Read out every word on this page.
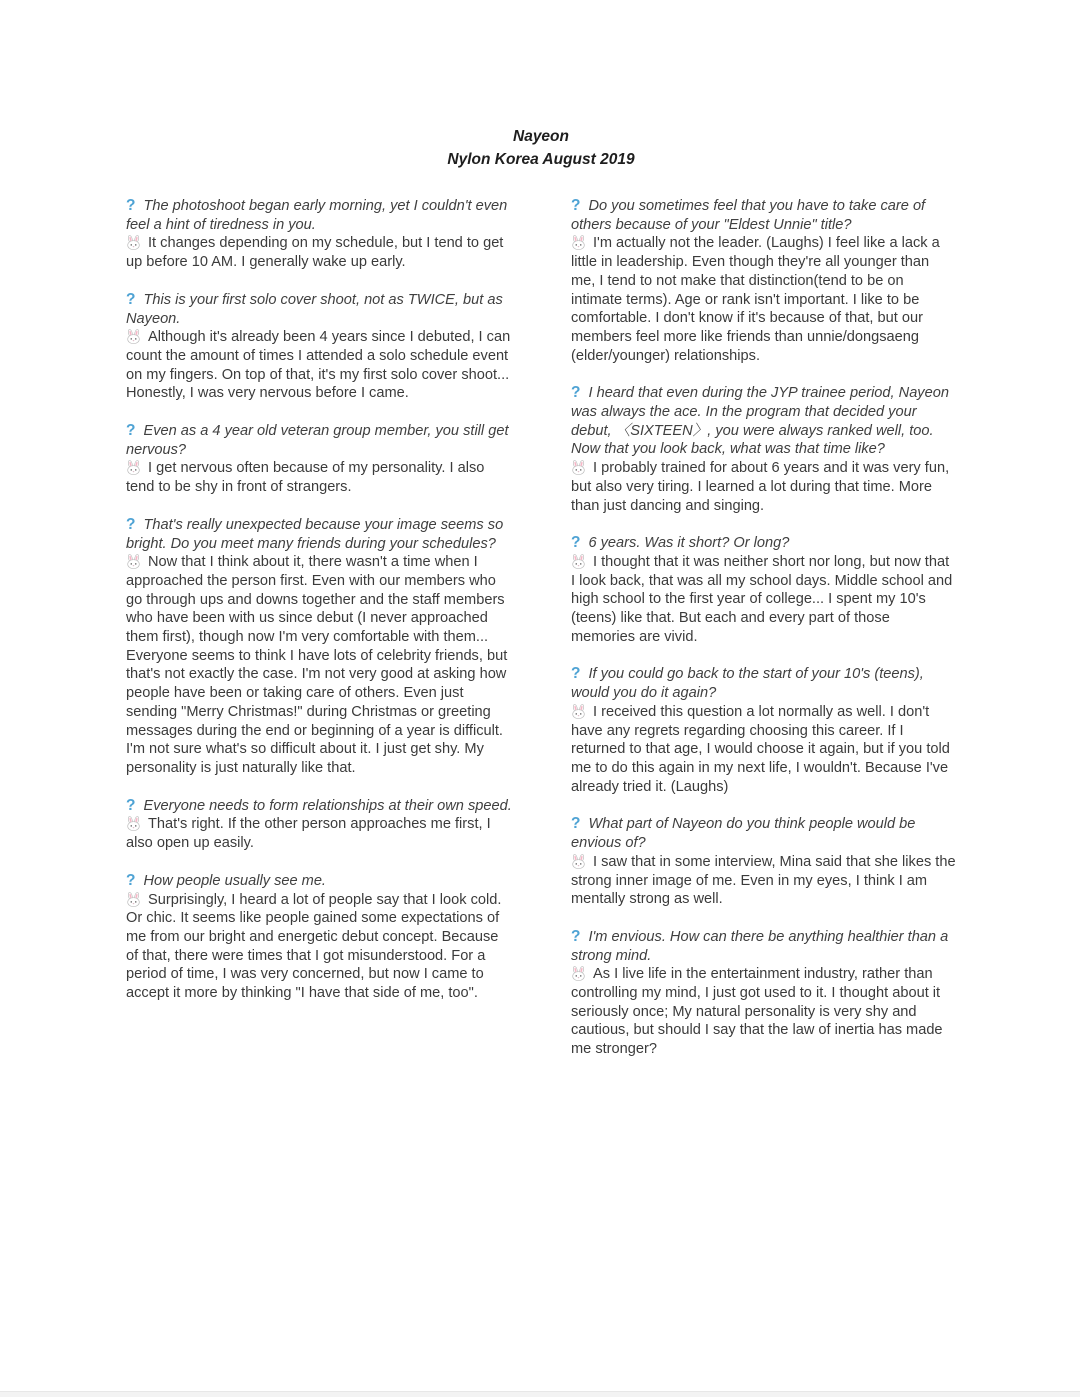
Nayeon

Nylon Korea August 2019

? The photoshoot began early morning, yet I couldn't even feel a hint of tiredness in you.

It changes depending on my schedule, but I tend to get up before 10 AM. I generally wake up early.

? This is your first solo cover shoot, not as TWICE, but as Nayeon.

Although it's already been 4 years since I debuted, I can count the amount of times I attended a solo schedule event on my fingers. On top of that, it's my first solo cover shoot... Honestly, I was very nervous before I came.

? Even as a 4 year old veteran group member, you still get nervous?

I get nervous often because of my personality. I also tend to be shy in front of strangers.

? That's really unexpected because your image seems so bright. Do you meet many friends during your schedules?

Now that I think about it, there wasn't a time when I approached the person first. Even with our members who go through ups and downs together and the staff members who have been with us since debut (I never approached them first), though now I'm very comfortable with them... Everyone seems to think I have lots of celebrity friends, but that's not exactly the case. I'm not very good at asking how people have been or taking care of others. Even just sending "Merry Christmas!" during Christmas or greeting messages during the end or beginning of a year is difficult. I'm not sure what's so difficult about it. I just get shy. My personality is just naturally like that.

? Everyone needs to form relationships at their own speed.

That's right. If the other person approaches me first, I also open up easily.

? How people usually see me.

Surprisingly, I heard a lot of people say that I look cold. Or chic. It seems like people gained some expectations of me from our bright and energetic debut concept. Because of that, there were times that I got misunderstood. For a period of time, I was very concerned, but now I came to accept it more by thinking "I have that side of me, too".

? Do you sometimes feel that you have to take care of others because of your "Eldest Unnie" title?

I'm actually not the leader. (Laughs) I feel like a lack a little in leadership. Even though they're all younger than me, I tend to not make that distinction(tend to be on intimate terms). Age or rank isn't important. I like to be comfortable. I don't know if it's because of that, but our members feel more like friends than unnie/dongsaeng (elder/younger) relationships.

? I heard that even during the JYP trainee period, Nayeon was always the ace. In the program that decided your debut, 〈SIXTEEN〉, you were always ranked well, too. Now that you look back, what was that time like?

I probably trained for about 6 years and it was very fun, but also very tiring. I learned a lot during that time. More than just dancing and singing.

? 6 years. Was it short? Or long?

I thought that it was neither short nor long, but now that I look back, that was all my school days. Middle school and high school to the first year of college... I spent my 10's (teens) like that. But each and every part of those memories are vivid.

? If you could go back to the start of your 10's (teens), would you do it again?

I received this question a lot normally as well. I don't have any regrets regarding choosing this career. If I returned to that age, I would choose it again, but if you told me to do this again in my next life, I wouldn't. Because I've already tried it. (Laughs)

? What part of Nayeon do you think people would be envious of?

I saw that in some interview, Mina said that she likes the strong inner image of me. Even in my eyes, I think I am mentally strong as well.

? I'm envious. How can there be anything healthier than a strong mind.

As I live life in the entertainment industry, rather than controlling my mind, I just got used to it. I thought about it seriously once; My natural personality is very shy and cautious, but should I say that the law of inertia has made me stronger?
